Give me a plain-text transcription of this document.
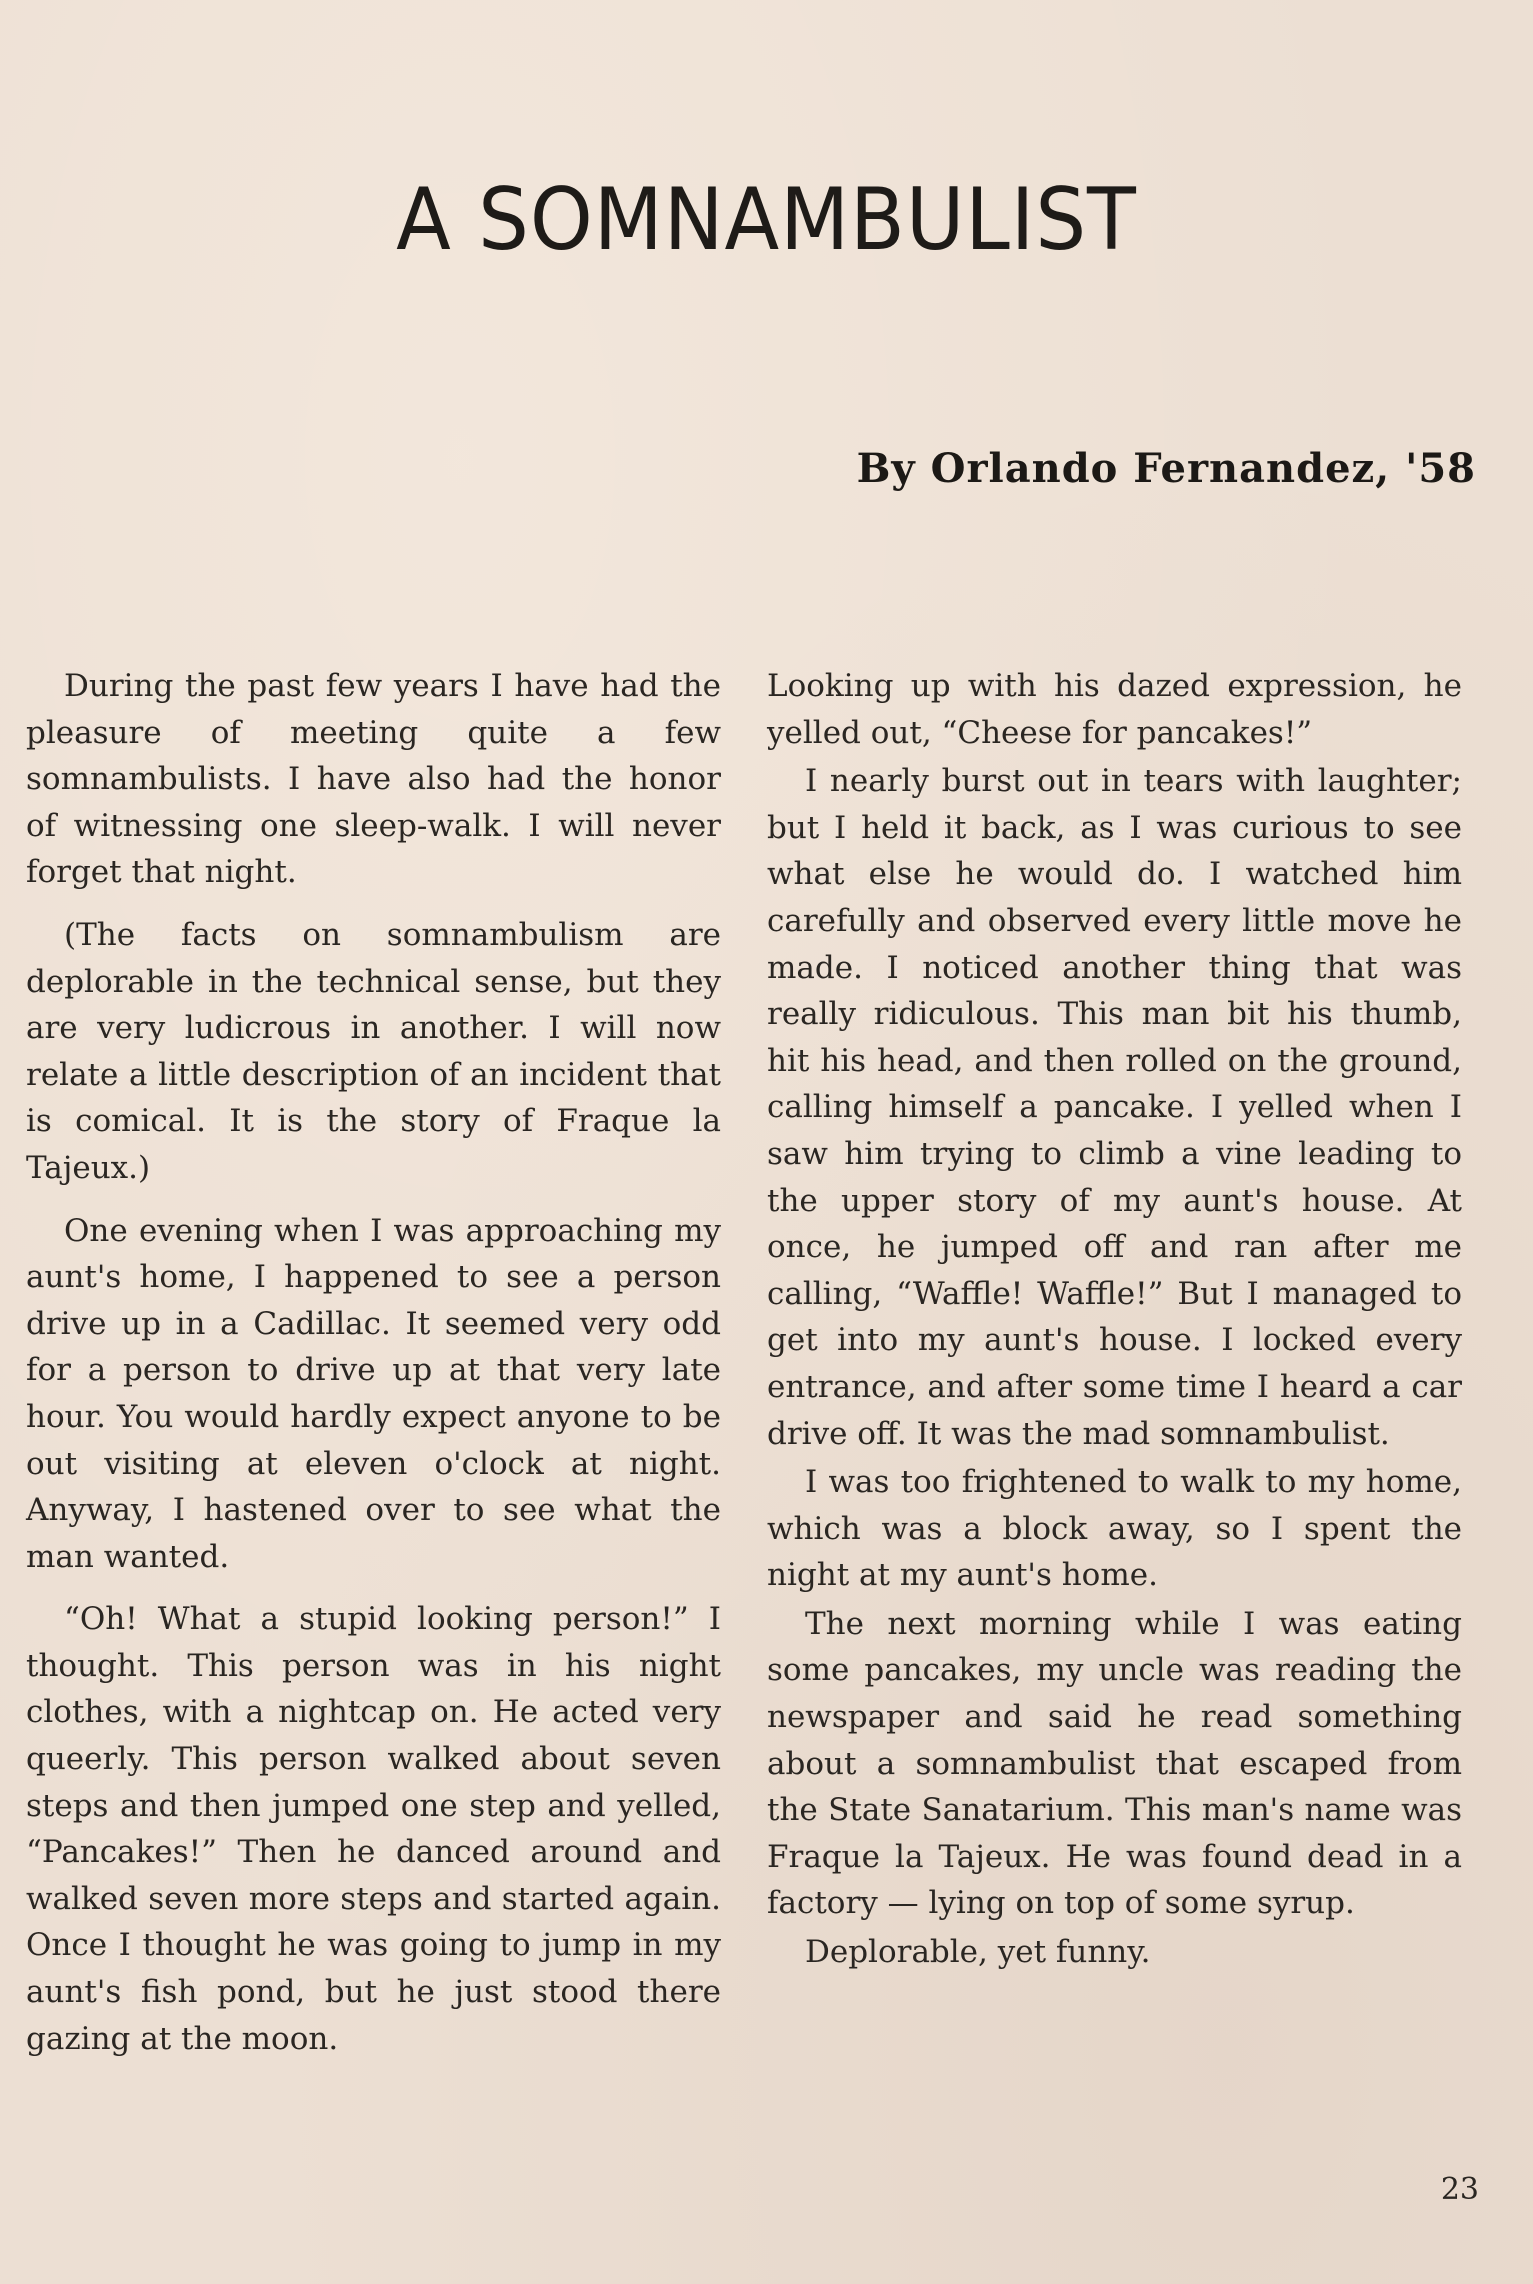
A SOMNAMBULIST
By Orlando Fernandez, '58

During the past few years I have had the pleasure of meeting quite a few somnambulists. I have also had the honor of witnessing one sleep-walk. I will never forget that night.

(The facts on somnambulism are deplorable in the technical sense, but they are very ludicrous in another. I will now relate a little description of an incident that is comical. It is the story of Fraque la Tajeux.)

One evening when I was approaching my aunt's home, I happened to see a person drive up in a Cadillac. It seemed very odd for a person to drive up at that very late hour. You would hardly expect anyone to be out visiting at eleven o'clock at night. Anyway, I hastened over to see what the man wanted.

“Oh! What a stupid looking person!” I thought. This person was in his night clothes, with a nightcap on. He acted very queerly. This person walked about seven steps and then jumped one step and yelled, “Pancakes!” Then he danced around and walked seven more steps and started again. Once I thought he was going to jump in my aunt's fish pond, but he just stood there gazing at the moon.

Looking up with his dazed expression, he yelled out, “Cheese for pancakes!”

I nearly burst out in tears with laughter; but I held it back, as I was curious to see what else he would do. I watched him carefully and observed every little move he made. I noticed another thing that was really ridiculous. This man bit his thumb, hit his head, and then rolled on the ground, calling himself a pancake. I yelled when I saw him trying to climb a vine leading to the upper story of my aunt's house. At once, he jumped off and ran after me calling, “Waffle! Waffle!” But I managed to get into my aunt's house. I locked every entrance, and after some time I heard a car drive off. It was the mad somnambulist.

I was too frightened to walk to my home, which was a block away, so I spent the night at my aunt's home.

The next morning while I was eating some pancakes, my uncle was reading the newspaper and said he read something about a somnambulist that escaped from the State Sanatarium. This man's name was Fraque la Tajeux. He was found dead in a factory — lying on top of some syrup.

Deplorable, yet funny.

23
